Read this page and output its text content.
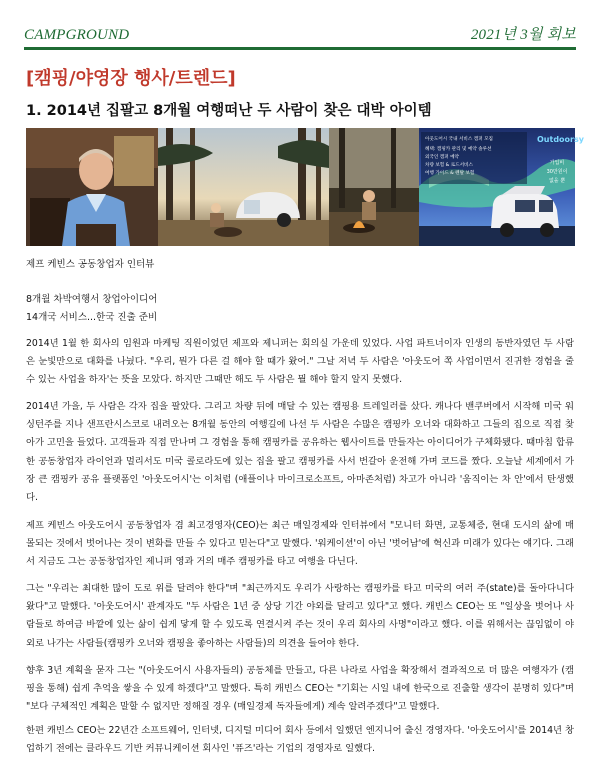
CAMPGROUND	2021년 3월 회보
[캠핑/야영장 행사/트렌드]
1. 2014년 집팔고 8개월 여행떠난 두 사람이 찾은 대박 아이템
아웃도어시 국내 서비스 캠퍼 모집
혜택: 캠핑카 관리 및 예약 솔루션
외국인 캠퍼 예약
차량 보험 & 로드서비스
여행 가이드 & 렌탈 보험
Outdoorsy
가입비
30만원이
없을 뿐
제프 케빈스 공동창업자 인터뷰
8개월 차박여행서 창업아이디어
14개국 서비스...한국 진출 준비

2014년 1월 한 회사의 임원과 마케팅 직원이었던 제프와 제니퍼는 회의실 가운데 있었다. 사업 파트너이자 인생의 동반자였던 두 사람은 눈빛만으로 대화를 나눴다. "우리, 뭔가 다른 걸 해야 할 때가 왔어." 그날 저녁 두 사람은 '아웃도어 쪽 사업이면서 진귀한 경험을 줄 수 있는 사업을 하자'는 뜻을 모았다. 하지만 그때만 해도 두 사람은 뭘 해야 할지 알지 못했다.

2014년 가을, 두 사람은 각자 집을 팔았다. 그리고 차량 뒤에 매달 수 있는 캠핑용 트레일러를 샀다. 캐나다 밴쿠버에서 시작해 미국 워싱턴주를 지나 샌프란시스코로 내려오는 8개월 동안의 여행길에 나선 두 사람은 수많은 캠핑카 오너와 대화하고 그들의 집으로 직접 찾아가 고민을 들었다. 고객들과 직접 만나며 그 경험을 통해 캠핑카를 공유하는 웹사이트를 만들자는 아이디어가 구체화됐다. 때마침 합류한 공동창업자 라이언과 멀리서도 미국 콜로라도에 있는 집을 팔고 캠핑카를 사서 번갈아 운전해 가며 코드를 짰다. 오늘날 세계에서 가장 큰 캠핑카 공유 플랫폼인 '아웃도어시'는 이처럼 (애플이나 마이크로소프트, 아마존처럼) 차고가 아니라 '움직이는 차 안'에서 탄생했다.

제프 케빈스 아웃도어시 공동창업자 겸 최고경영자(CEO)는 최근 매일경제와 인터뷰에서 "모니터 화면, 교통체증, 현대 도시의 삶에 매몰되는 것에서 벗어나는 것이 변화를 만들 수 있다고 믿는다"고 말했다. '워케이션'이 아닌 '벗어남'에 혁신과 미래가 있다는 얘기다. 그래서 지금도 그는 공동창업자인 제니퍼 영과 거의 매주 캠핑카를 타고 여행을 다닌다.

그는 "우리는 최대한 많이 도로 위를 달려야 한다"며 "최근까지도 우리가 사랑하는 캠핑카를 타고 미국의 여러 주(state)를 돌아다니다 왔다"고 말했다. '아웃도어시' 관계자도 "두 사람은 1년 중 상당 기간 야외를 달리고 있다"고 했다. 캐빈스 CEO는 또 "일상을 벗어나 사람들로 하여금 바깥에 있는 삶이 쉽게 닿게 할 수 있도록 연결시켜 주는 것이 우리 회사의 사명"이라고 했다. 이를 위해서는 끊임없이 야외로 나가는 사람들(캠핑카 오너와 캠핑을 좋아하는 사람들)의 의견을 들어야 한다.

향후 3년 계획을 묻자 그는 "(아웃도어시 사용자들의) 공동체를 만들고, 다른 나라로 사업을 확장해서 결과적으로 더 많은 여행자가 (캠핑을 통해) 쉽게 추억을 쌓을 수 있게 하겠다"고 말했다. 특히 캐빈스 CEO는 "기회는 시일 내에 한국으로 진출할 생각이 분명히 있다"며 "보다 구체적인 계획은 말할 수 없지만 정해질 경우 (매일경제 독자들에게) 계속 알려주겠다"고 말했다.

한편 캐빈스 CEO는 22년간 소프트웨어, 인터넷, 디지털 미디어 회사 등에서 일했던 엔지니어 출신 경영자다. '아웃도어시'를 2014년 창업하기 전에는 클라우드 기반 커뮤니케이션 회사인 '퓨즈'라는 기업의 경영자로 일했다.
